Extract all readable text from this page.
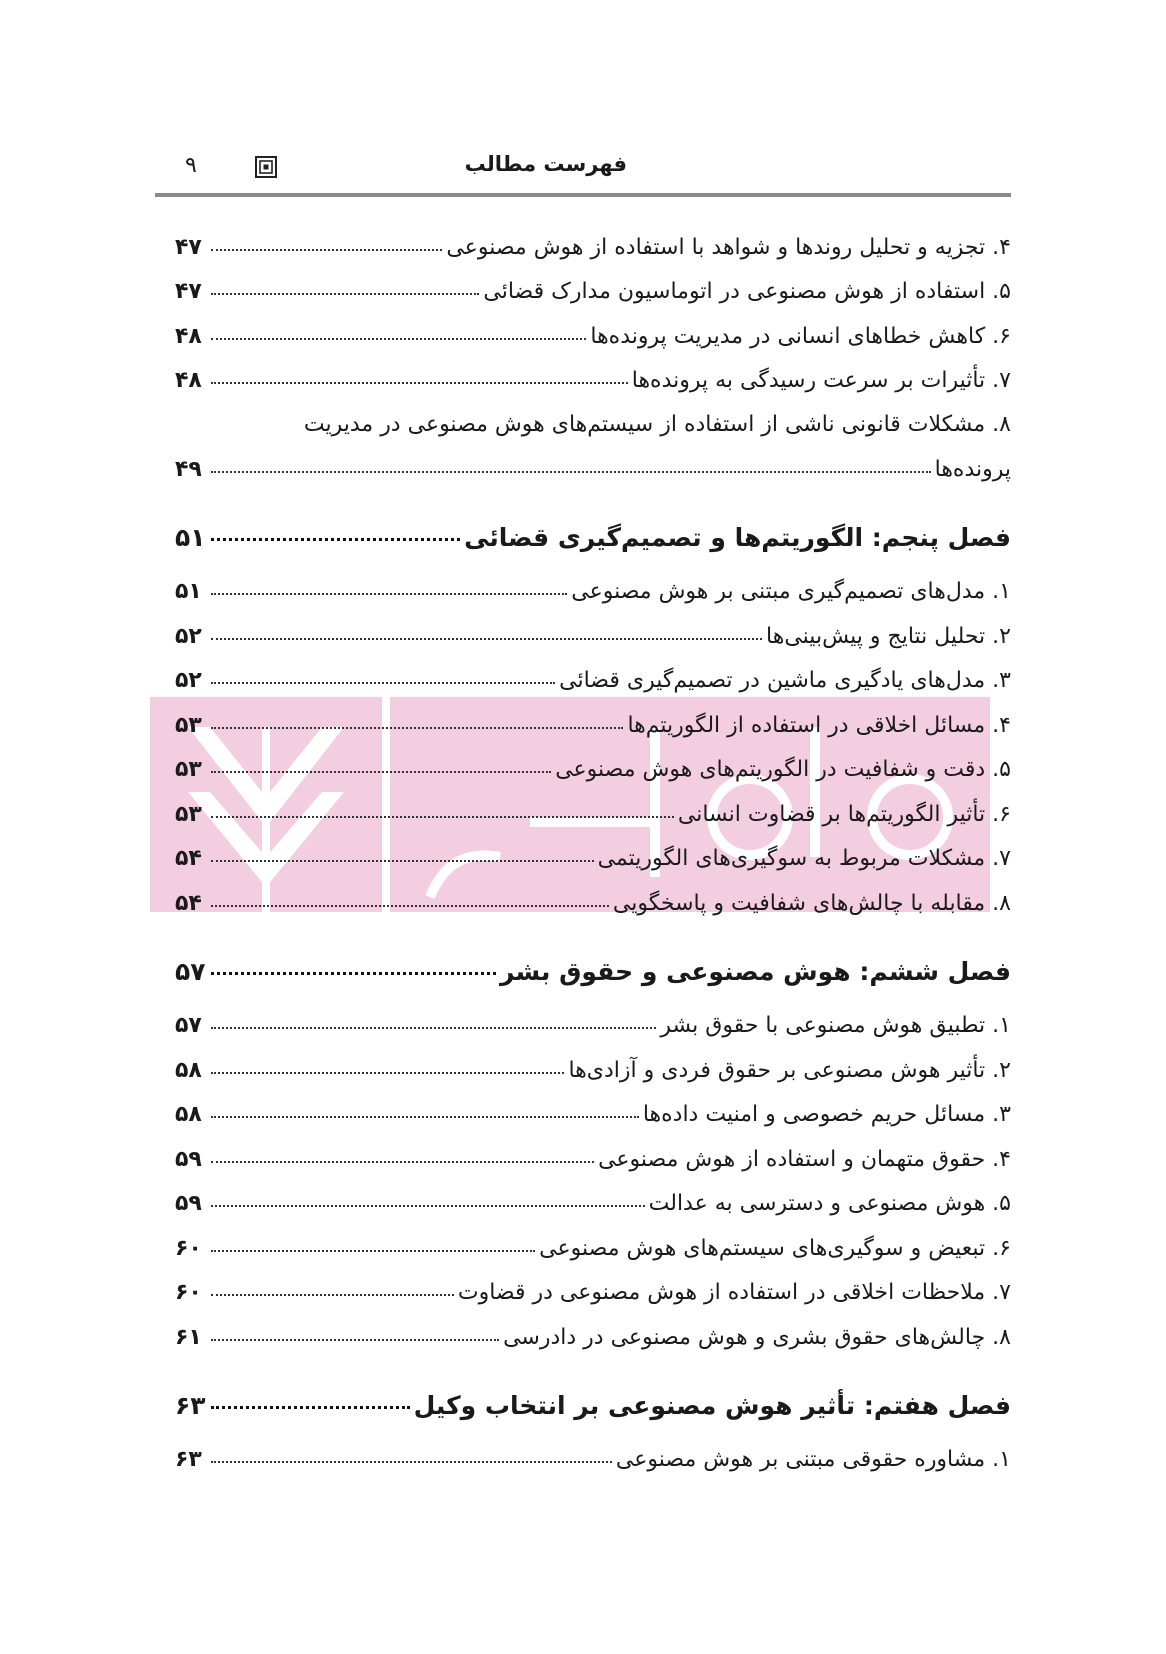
۹	فهرست مطالب
۴. تجزیه و تحلیل روندها و شواهد با استفاده از هوش مصنوعی
۴۷
۵. استفاده از هوش مصنوعی در اتوماسیون مدارک قضائی
۴۷
۶. کاهش خطاهای انسانی در مدیریت پرونده‌ها
۴۸
۷. تأثیرات بر سرعت رسیدگی به پرونده‌ها
۴۸
۸. مشکلات قانونی ناشی از استفاده از سیستم‌های هوش مصنوعی در مدیریت
پرونده‌ها
۴۹
فصل پنجم: الگوریتم‌ها و تصمیم‌گیری قضائی
۵۱
۱. مدل‌های تصمیم‌گیری مبتنی بر هوش مصنوعی
۵۱
۲. تحلیل نتایج و پیش‌بینی‌ها
۵۲
۳. مدل‌های یادگیری ماشین در تصمیم‌گیری قضائی
۵۲
۴. مسائل اخلاقی در استفاده از الگوریتم‌ها
۵۳
۵. دقت و شفافیت در الگوریتم‌های هوش مصنوعی
۵۳
۶. تأثیر الگوریتم‌ها بر قضاوت انسانی
۵۳
۷. مشکلات مربوط به سوگیری‌های الگوریتمی
۵۴
۸. مقابله با چالش‌های شفافیت و پاسخگویی
۵۴
فصل ششم: هوش مصنوعی و حقوق بشر
۵۷
۱. تطبیق هوش مصنوعی با حقوق بشر
۵۷
۲. تأثیر هوش مصنوعی بر حقوق فردی و آزادی‌ها
۵۸
۳. مسائل حریم خصوصی و امنیت داده‌ها
۵۸
۴. حقوق متهمان و استفاده از هوش مصنوعی
۵۹
۵. هوش مصنوعی و دسترسی به عدالت
۵۹
۶. تبعیض و سوگیری‌های سیستم‌های هوش مصنوعی
۶۰
۷. ملاحظات اخلاقی در استفاده از هوش مصنوعی در قضاوت
۶۰
۸. چالش‌های حقوق بشری و هوش مصنوعی در دادرسی
۶۱
فصل هفتم: تأثیر هوش مصنوعی بر انتخاب وکیل
۶۳
۱. مشاوره حقوقی مبتنی بر هوش مصنوعی
۶۳
